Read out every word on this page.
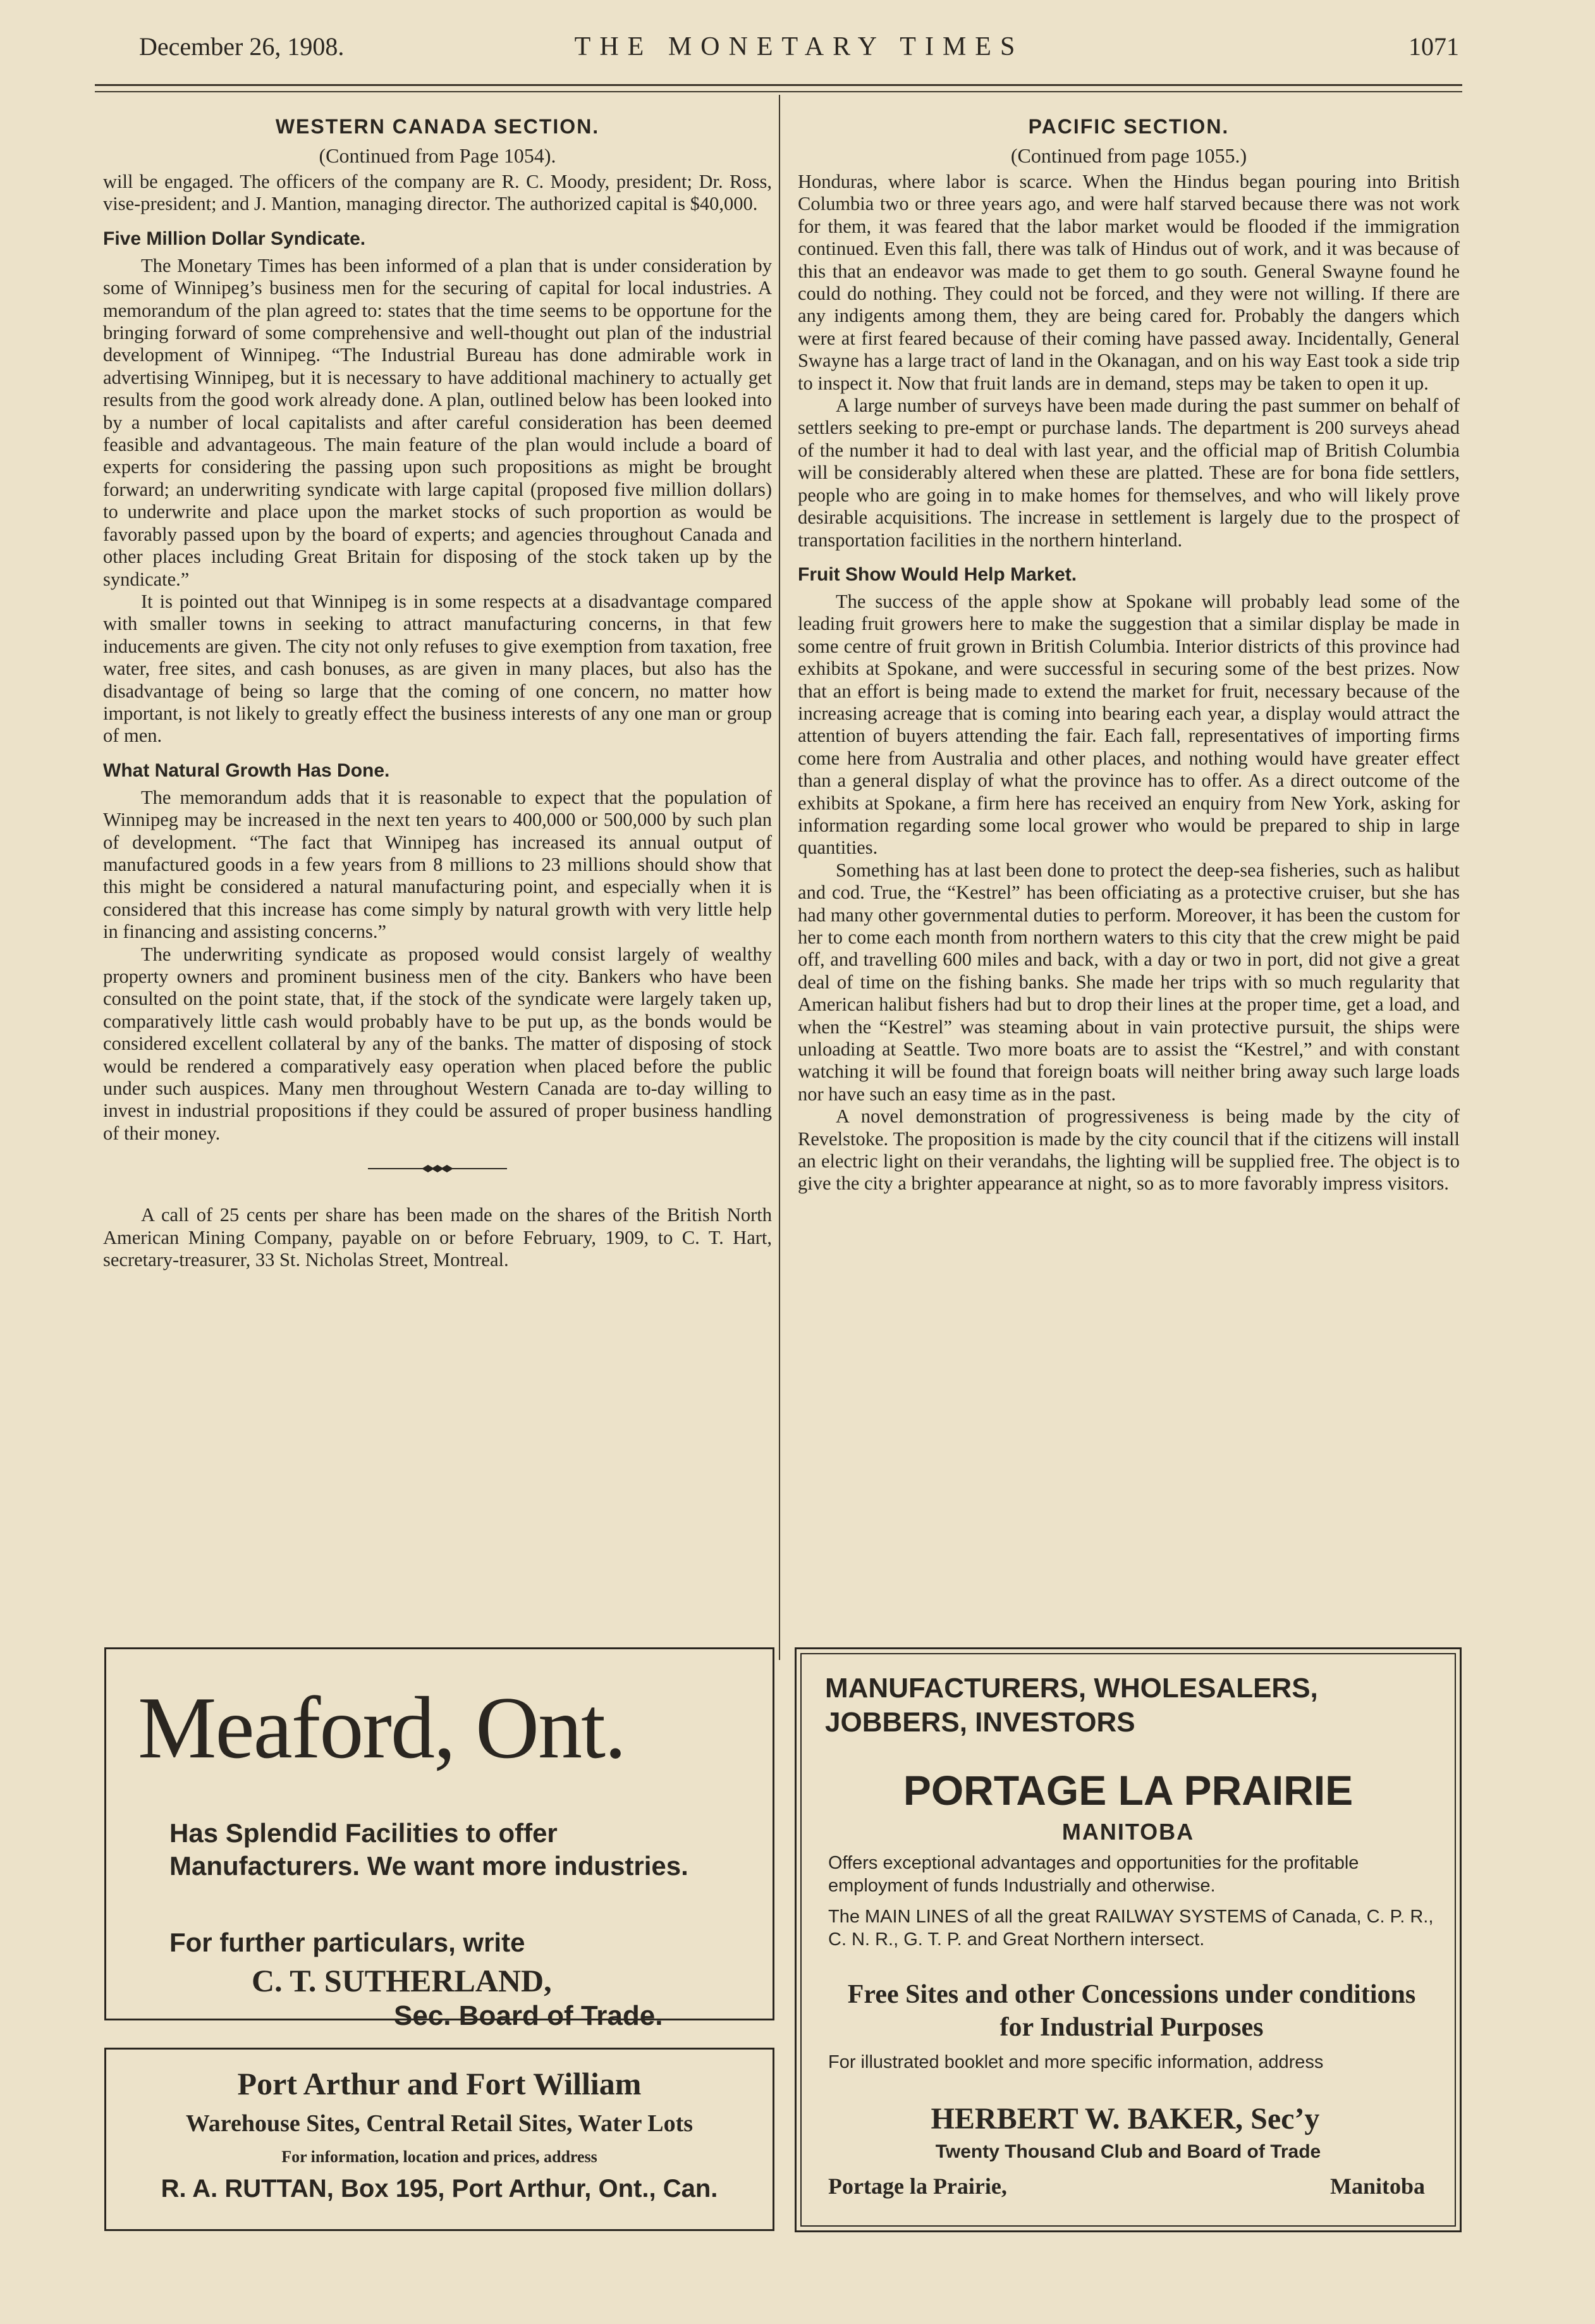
December 26, 1908.	THE MONETARY TIMES	1071
WESTERN CANADA SECTION.
(Continued from Page 1054).

will be engaged. The officers of the company are R. C. Moody, president; Dr. Ross, vise-president; and J. Mantion, managing director. The authorized capital is $40,000.

Five Million Dollar Syndicate.

The Monetary Times has been informed of a plan that is under consideration by some of Winnipeg’s business men for the securing of capital for local industries. A memorandum of the plan agreed to: states that the time seems to be opportune for the bringing forward of some comprehensive and well-thought out plan of the industrial development of Winnipeg. “The Industrial Bureau has done admirable work in advertising Winnipeg, but it is necessary to have additional machinery to actually get results from the good work already done. A plan, outlined below has been looked into by a number of local capitalists and after careful consideration has been deemed feasible and advantageous. The main feature of the plan would include a board of experts for considering the passing upon such propositions as might be brought forward; an underwriting syndicate with large capital (proposed five million dollars) to underwrite and place upon the market stocks of such proportion as would be favorably passed upon by the board of experts; and agencies throughout Canada and other places including Great Britain for disposing of the stock taken up by the syndicate.”

It is pointed out that Winnipeg is in some respects at a disadvantage compared with smaller towns in seeking to attract manufacturing concerns, in that few inducements are given. The city not only refuses to give exemption from taxation, free water, free sites, and cash bonuses, as are given in many places, but also has the disadvantage of being so large that the coming of one concern, no matter how important, is not likely to greatly effect the business interests of any one man or group of men.

What Natural Growth Has Done.

The memorandum adds that it is reasonable to expect that the population of Winnipeg may be increased in the next ten years to 400,000 or 500,000 by such plan of development. “The fact that Winnipeg has increased its annual output of manufactured goods in a few years from 8 millions to 23 millions should show that this might be considered a natural manufacturing point, and especially when it is considered that this increase has come simply by natural growth with very little help in financing and assisting concerns.”

The underwriting syndicate as proposed would consist largely of wealthy property owners and prominent business men of the city. Bankers who have been consulted on the point state, that, if the stock of the syndicate were largely taken up, comparatively little cash would probably have to be put up, as the bonds would be considered excellent collateral by any of the banks. The matter of disposing of stock would be rendered a comparatively easy operation when placed before the public under such auspices. Many men throughout Western Canada are to-day willing to invest in industrial propositions if they could be assured of proper business handling of their money.

A call of 25 cents per share has been made on the shares of the British North American Mining Company, payable on or before February, 1909, to C. T. Hart, secretary-treasurer, 33 St. Nicholas Street, Montreal.

PACIFIC SECTION.
(Continued from page 1055.)

Honduras, where labor is scarce. When the Hindus began pouring into British Columbia two or three years ago, and were half starved because there was not work for them, it was feared that the labor market would be flooded if the immigration continued. Even this fall, there was talk of Hindus out of work, and it was because of this that an endeavor was made to get them to go south. General Swayne found he could do nothing. They could not be forced, and they were not willing. If there are any indigents among them, they are being cared for. Probably the dangers which were at first feared because of their coming have passed away. Incidentally, General Swayne has a large tract of land in the Okanagan, and on his way East took a side trip to inspect it. Now that fruit lands are in demand, steps may be taken to open it up.

A large number of surveys have been made during the past summer on behalf of settlers seeking to pre-empt or purchase lands. The department is 200 surveys ahead of the number it had to deal with last year, and the official map of British Columbia will be considerably altered when these are platted. These are for bona fide settlers, people who are going in to make homes for themselves, and who will likely prove desirable acquisitions. The increase in settlement is largely due to the prospect of transportation facilities in the northern hinterland.

Fruit Show Would Help Market.

The success of the apple show at Spokane will probably lead some of the leading fruit growers here to make the suggestion that a similar display be made in some centre of fruit grown in British Columbia. Interior districts of this province had exhibits at Spokane, and were successful in securing some of the best prizes. Now that an effort is being made to extend the market for fruit, necessary because of the increasing acreage that is coming into bearing each year, a display would attract the attention of buyers attending the fair. Each fall, representatives of importing firms come here from Australia and other places, and nothing would have greater effect than a general display of what the province has to offer. As a direct outcome of the exhibits at Spokane, a firm here has received an enquiry from New York, asking for information regarding some local grower who would be prepared to ship in large quantities.

Something has at last been done to protect the deep-sea fisheries, such as halibut and cod. True, the “Kestrel” has been officiating as a protective cruiser, but she has had many other governmental duties to perform. Moreover, it has been the custom for her to come each month from northern waters to this city that the crew might be paid off, and travelling 600 miles and back, with a day or two in port, did not give a great deal of time on the fishing banks. She made her trips with so much regularity that American halibut fishers had but to drop their lines at the proper time, get a load, and when the “Kestrel” was steaming about in vain protective pursuit, the ships were unloading at Seattle. Two more boats are to assist the “Kestrel,” and with constant watching it will be found that foreign boats will neither bring away such large loads nor have such an easy time as in the past.

A novel demonstration of progressiveness is being made by the city of Revelstoke. The proposition is made by the city council that if the citizens will install an electric light on their verandahs, the lighting will be supplied free. The object is to give the city a brighter appearance at night, so as to more favorably impress visitors.

Meaford, Ont.
Has Splendid Facilities to offer Manufacturers. We want more industries.
For further particulars, write
C. T. SUTHERLAND,
Sec. Board of Trade.
Port Arthur and Fort William
Warehouse Sites, Central Retail Sites, Water Lots
For information, location and prices, address
R. A. RUTTAN, Box 195, Port Arthur, Ont., Can.
MANUFACTURERS, WHOLESALERS, JOBBERS, INVESTORS
PORTAGE LA PRAIRIE
MANITOBA
Offers exceptional advantages and opportunities for the profitable employment of funds Industrially and otherwise.
The MAIN LINES of all the great RAILWAY SYSTEMS of Canada, C. P. R., C. N. R., G. T. P. and Great Northern intersect.
Free Sites and other Concessions under conditions for Industrial Purposes
For illustrated booklet and more specific information, address
HERBERT W. BAKER, Sec’y
Twenty Thousand Club and Board of Trade
Portage la Prairie,	Manitoba
